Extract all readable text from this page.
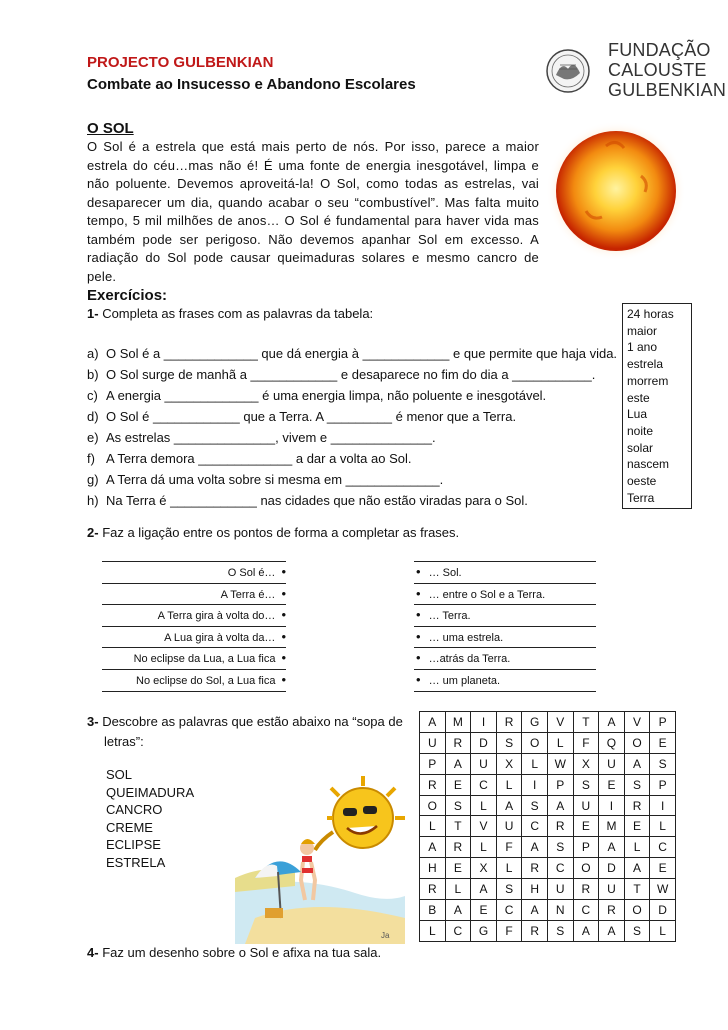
PROJECTO GULBENKIAN
Combate ao Insucesso e Abandono Escolares
FUNDAÇÃO
CALOUSTE
GULBENKIAN
O SOL
O Sol é a estrela que está mais perto de nós. Por isso, parece a maior estrela do céu…mas não é! É uma fonte de energia inesgotável, limpa e não poluente. Devemos aproveitá-la! O Sol, como todas as estrelas, vai desaparecer um dia, quando acabar o seu “combustível”. Mas falta muito tempo, 5 mil milhões de anos… O Sol é fundamental para haver vida mas também pode ser perigoso. Não devemos apanhar Sol em excesso. A radiação do Sol pode causar queimaduras solares e mesmo cancro de pele.
Exercícios:
1- Completa as frases com as palavras da tabela:
a) O Sol é a _____________ que dá energia à ____________ e que permite que haja vida.
b) O Sol surge de manhã a ____________ e desaparece no fim do dia a ___________.
c) A energia _____________ é uma energia limpa, não poluente e inesgotável.
d) O Sol é ____________ que a Terra. A _________ é menor que a Terra.
e) As estrelas ______________, vivem e ______________.
f) A Terra demora _____________ a dar a volta ao Sol.
g) A Terra dá uma volta sobre si mesma em _____________.
h) Na Terra é ____________ nas cidades que não estão viradas para o Sol.
24 horas
maior
1 ano
estrela
morrem
este
Lua
noite
solar
nascem
oeste
Terra
2- Faz a ligação entre os pontos de forma a completar as frases.
O Sol é… •
A Terra é… •
A Terra gira à volta do… •
A Lua gira à volta da… •
No eclipse da Lua, a Lua fica •
No eclipse do Sol, a Lua fica •
• … Sol.
• … entre o Sol e a Terra.
• … Terra.
• … uma estrela.
• …atrás da Terra.
• … um planeta.
3- Descobre as palavras que estão abaixo na “sopa de letras”:
SOL
QUEIMADURA
CANCRO
CREME
ECLIPSE
ESTRELA
Ja
A	M	I	R	G	V	T	A	V	P
U	R	D	S	O	L	F	Q	O	E
P	A	U	X	L	W	X	U	A	S
R	E	C	L	I	P	S	E	S	P
O	S	L	A	S	A	U	I	R	I
L	T	V	U	C	R	E	M	E	L
A	R	L	F	A	S	P	A	L	C
H	E	X	L	R	C	O	D	A	E
R	L	A	S	H	U	R	U	T	W
B	A	E	C	A	N	C	R	O	D
L	C	G	F	R	S	A	A	S	L
4- Faz um desenho sobre o Sol e afixa na tua sala.
